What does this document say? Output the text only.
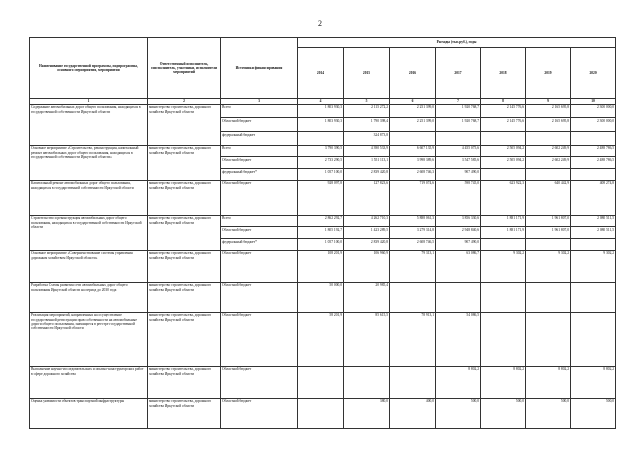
2
Наименование государственной программы, подпрограммы, основного мероприятия, мероприятия	Ответственный исполнитель, соисполнитель, участники, исполнители мероприятий	Источники финансирования	Расходы (тыс.руб.), годы						
			2014	2015	2016	2017	2018	2019	2020
1	2	3	4	5	6	7	8	9	10
Содержание автомобильных дорог общего пользования, находящихся в государственной собственности Иркутской области	министерство строительства, дорожного хозяйства Иркутской области	Всего	1 803 930,3	2 115 272,2	2 251 399,0	1 920 768,7	2 145 776,6	2 165 695,8	2 300 000,0
		Областной бюджет	1 803 930,3	1 790 398,4	2 251 399,0	1 920 768,7	2 145 776,6	2 165 695,8	2 300 000,0
		федеральный бюджет		324 873,8					
Основное мероприятие «Строительство, реконструкция, капитальный ремонт автомобильных дорог общего пользования, находящихся в государственной собственности Иркутской области»	министерство строительства, дорожного хозяйства Иркутской области	Всего	3 790 390,5	4 390 533,9	6 607 135,9	4 455 075,6	2 505 094,2	2 602 249,9	2 488 786,5
		Областной бюджет	2 733 290,5	1 551 113,1	3 998 389,6	3 547 585,6	2 505 094,2	2 602 249,9	2 488 786,5
		федеральный бюджет*	1 057 100,0	2 839 420,8	2 608 746,3	907 490,0			
Капитальный ремонт автомобильных дорог общего пользования, находящихся в государственной собственности Иркутской области	министерство строительства, дорожного хозяйства Иркутской области	Областной бюджет	928 097,8	127 823,6	719 074,6	598 745,0	623 922,3	640 442,9	408 274,8
Строительство и реконструкция автомобильных дорог общего пользования, находящихся в государственной собственности Иркутской области	министерство строительства, дорожного хозяйства Иркутской области	Всего	2 862 292,7	4 262 710,3	5 888 061,3	3 856 330,6	1 881 171,9	1 961 807,0	2 080 511,5
		Областной бюджет	1 805 192,7	1 423 289,5	3 279 314,8	2 948 840,6	1 881 171,9	1 961 807,0	2 080 511,5
		федеральный бюджет*	1 057 100,0	2 839 420,8	2 608 746,5	907 490,0			
Основное мероприятие «Совершенствование системы управления дорожным хозяйством Иркутской области»	министерство строительства, дорожного хозяйства Иркутской области	Областной бюджет	108 201,9	106 960,9	79 313,1	63 086,7	9 302,2	9 302,2	9 302,2
Разработка Схемы развития сети автомобильных дорог общего пользования Иркутской области на период до 2030 года	министерство строительства, дорожного хозяйства Иркутской области	Областной бюджет	50 000,0	20 985,4					
Реализация мероприятий, направленных на осуществление государственной регистрации прав собственности на автомобильные дороги общего пользования, значащиеся в реестре государственной собственности Иркутской области	министерство строительства, дорожного хозяйства Иркутской области	Областной бюджет	58 201,9	85 615,5	78 913,1	54 086,5			
Выполнение научно-исследовательских и опытно-конструкторских работ в сфере дорожного хозяйства	министерство строительства, дорожного хозяйства Иркутской области	Областной бюджет				8 802,2	8 802,2	8 802,2	8 802,2
Оценка уязвимости объектов транспортной инфраструктуры	министерство строительства, дорожного хозяйства Иркутской области	Областной бюджет		380,0	400,0	500,0	500,0	500,0	500,0
